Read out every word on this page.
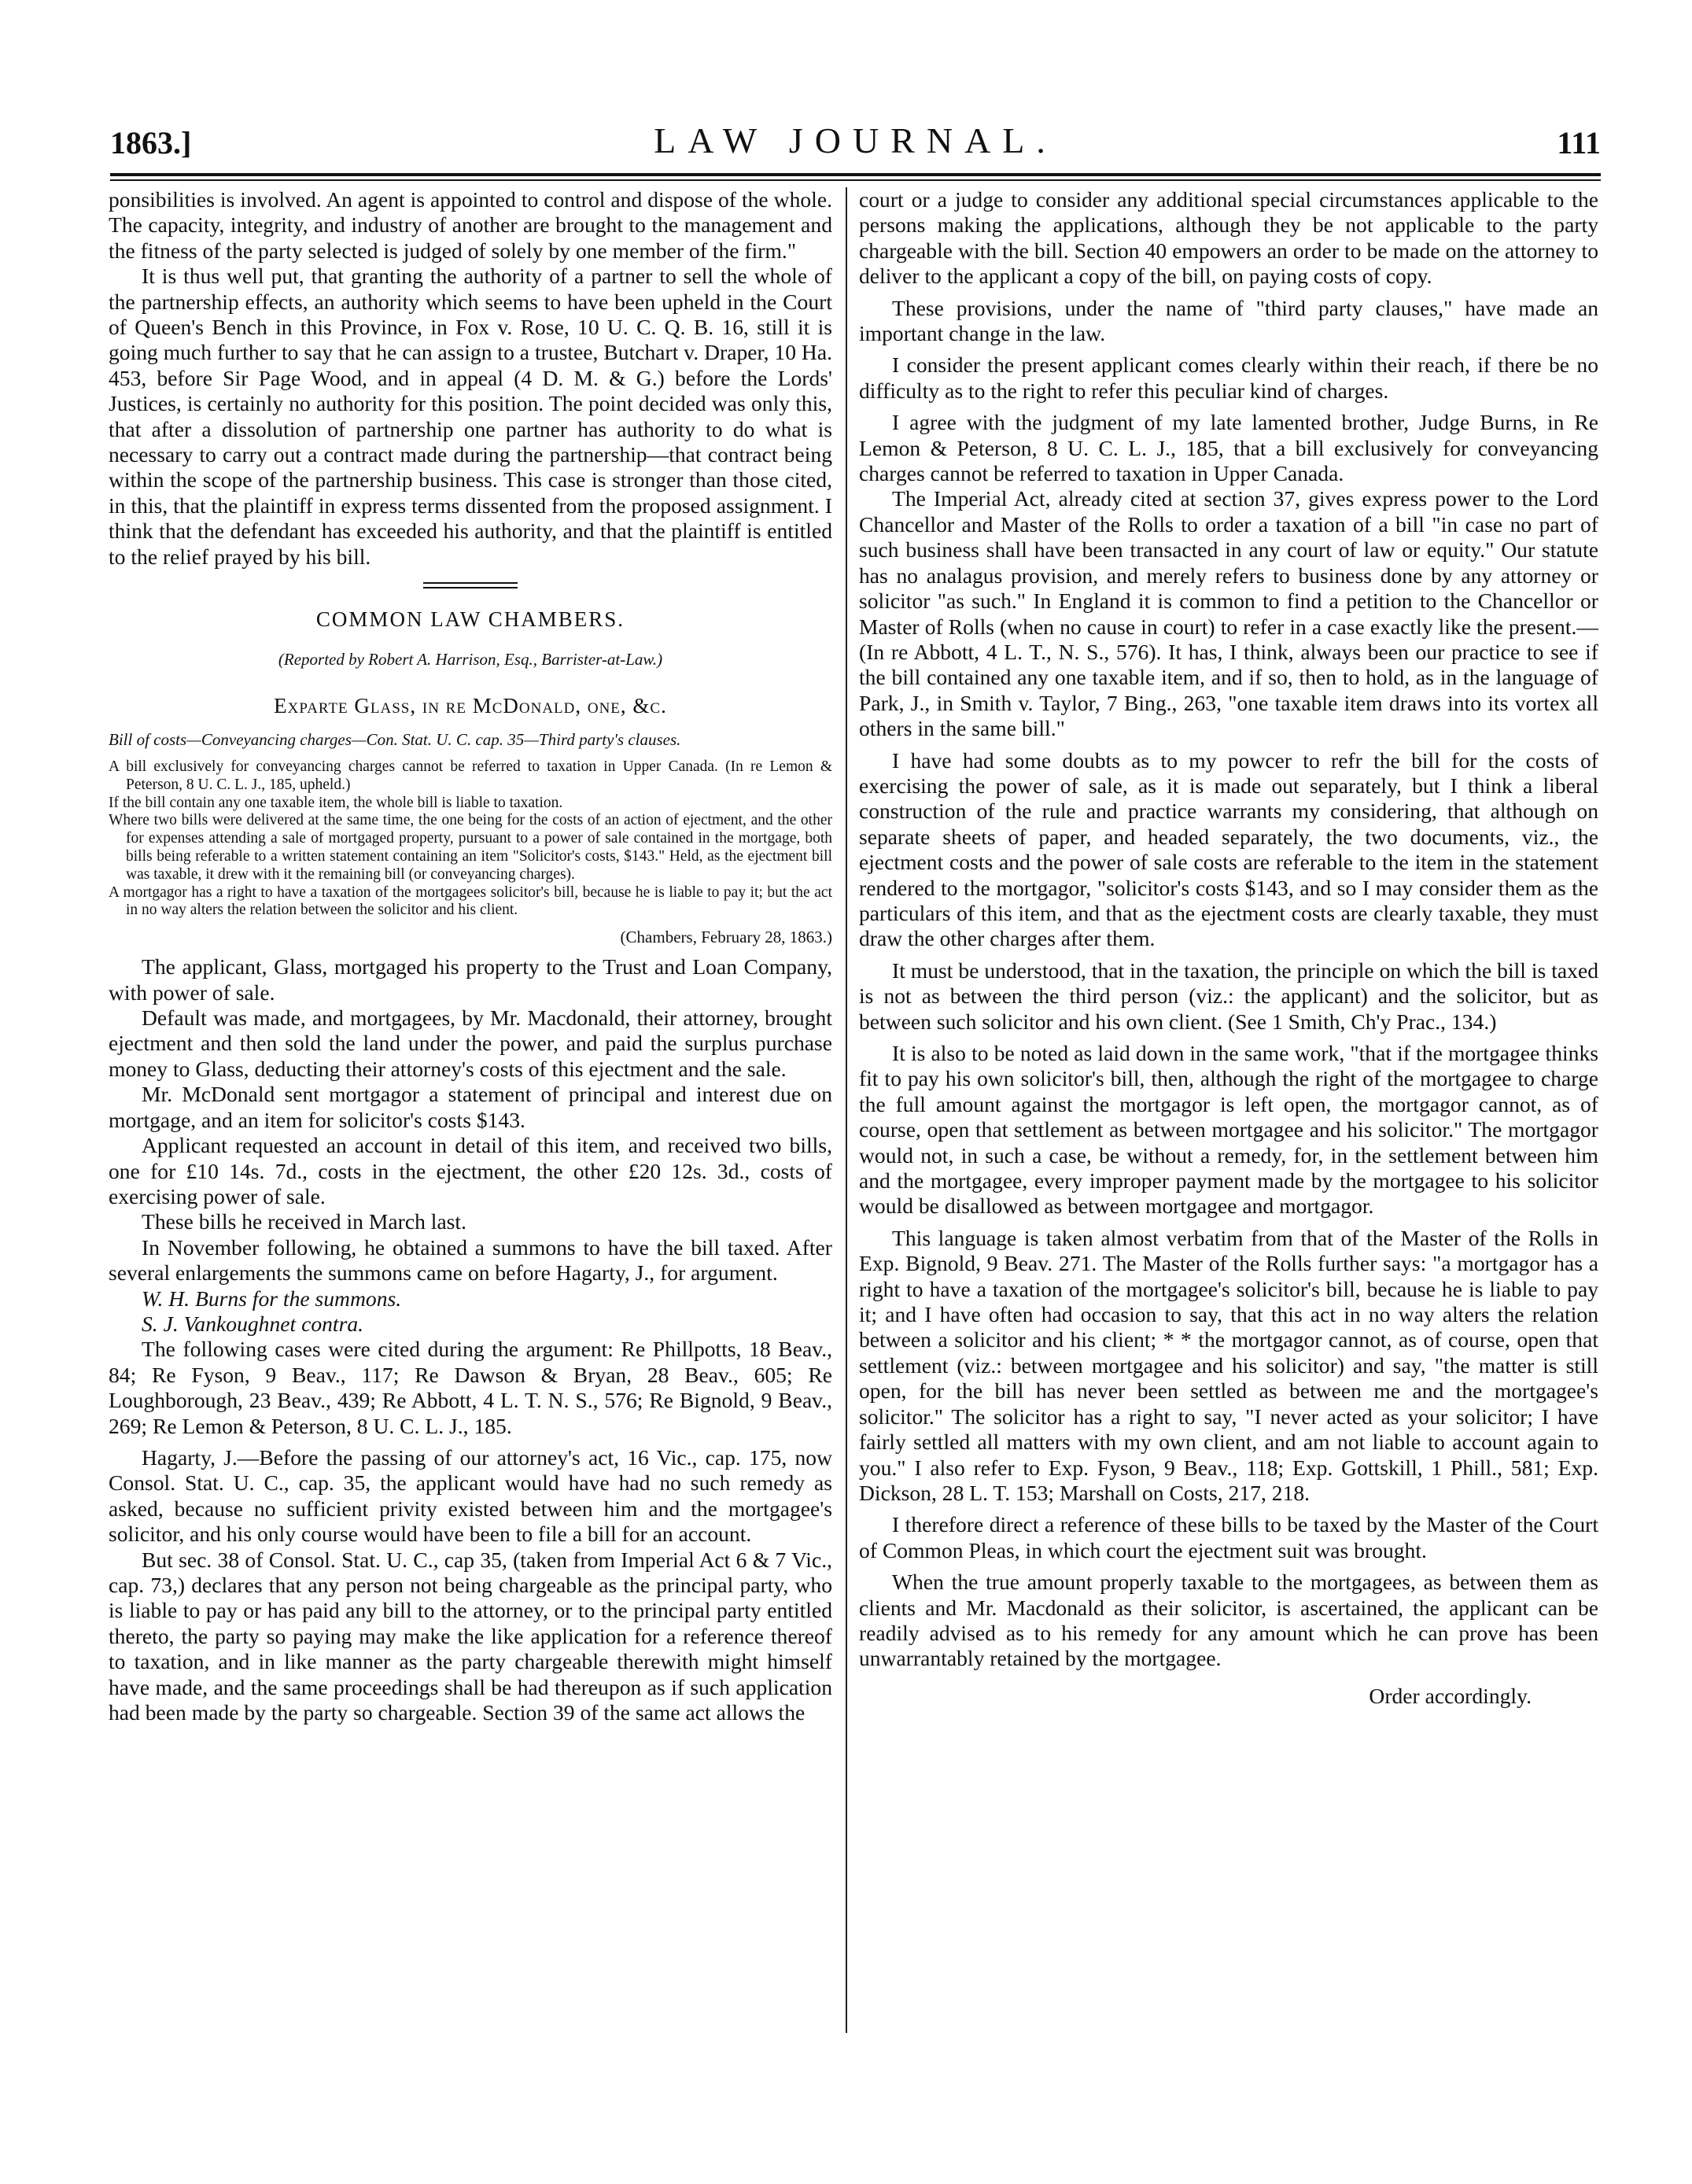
1863.]	LAW JOURNAL.	111

ponsibilities is involved. An agent is appointed to control and dispose of the whole. The capacity, integrity, and industry of another are brought to the management and the fitness of the party selected is judged of solely by one member of the firm."

It is thus well put, that granting the authority of a partner to sell the whole of the partnership effects, an authority which seems to have been upheld in the Court of Queen's Bench in this Province, in Fox v. Rose, 10 U. C. Q. B. 16, still it is going much further to say that he can assign to a trustee, Butchart v. Draper, 10 Ha. 453, before Sir Page Wood, and in appeal (4 D. M. & G.) before the Lords' Justices, is certainly no authority for this position. The point decided was only this, that after a dissolution of partnership one partner has authority to do what is necessary to carry out a contract made during the partnership—that contract being within the scope of the partnership business. This case is stronger than those cited, in this, that the plaintiff in express terms dissented from the proposed assignment. I think that the defendant has exceeded his authority, and that the plaintiff is entitled to the relief prayed by his bill.

COMMON LAW CHAMBERS.
(Reported by Robert A. Harrison, Esq., Barrister-at-Law.)
Exparte Glass, in re McDonald, one, &c.
Bill of costs—Conveyancing charges—Con. Stat. U. C. cap. 35—Third party's clauses.

A bill exclusively for conveyancing charges cannot be referred to taxation in Upper Canada. (In re Lemon & Peterson, 8 U. C. L. J., 185, upheld.)

If the bill contain any one taxable item, the whole bill is liable to taxation.

Where two bills were delivered at the same time, the one being for the costs of an action of ejectment, and the other for expenses attending a sale of mortgaged property, pursuant to a power of sale contained in the mortgage, both bills being referable to a written statement containing an item "Solicitor's costs, $143." Held, as the ejectment bill was taxable, it drew with it the remaining bill (or conveyancing charges).

A mortgagor has a right to have a taxation of the mortgagees solicitor's bill, because he is liable to pay it; but the act in no way alters the relation between the solicitor and his client.

(Chambers, February 28, 1863.)

The applicant, Glass, mortgaged his property to the Trust and Loan Company, with power of sale.

Default was made, and mortgagees, by Mr. Macdonald, their attorney, brought ejectment and then sold the land under the power, and paid the surplus purchase money to Glass, deducting their attorney's costs of this ejectment and the sale.

Mr. McDonald sent mortgagor a statement of principal and interest due on mortgage, and an item for solicitor's costs $143.

Applicant requested an account in detail of this item, and received two bills, one for £10 14s. 7d., costs in the ejectment, the other £20 12s. 3d., costs of exercising power of sale.

These bills he received in March last.

In November following, he obtained a summons to have the bill taxed. After several enlargements the summons came on before Hagarty, J., for argument.

W. H. Burns for the summons.

S. J. Vankoughnet contra.

The following cases were cited during the argument: Re Phillpotts, 18 Beav., 84; Re Fyson, 9 Beav., 117; Re Dawson & Bryan, 28 Beav., 605; Re Loughborough, 23 Beav., 439; Re Abbott, 4 L. T. N. S., 576; Re Bignold, 9 Beav., 269; Re Lemon & Peterson, 8 U. C. L. J., 185.

Hagarty, J.—Before the passing of our attorney's act, 16 Vic., cap. 175, now Consol. Stat. U. C., cap. 35, the applicant would have had no such remedy as asked, because no sufficient privity existed between him and the mortgagee's solicitor, and his only course would have been to file a bill for an account.

But sec. 38 of Consol. Stat. U. C., cap 35, (taken from Imperial Act 6 & 7 Vic., cap. 73,) declares that any person not being chargeable as the principal party, who is liable to pay or has paid any bill to the attorney, or to the principal party entitled thereto, the party so paying may make the like application for a reference thereof to taxation, and in like manner as the party chargeable therewith might himself have made, and the same proceedings shall be had thereupon as if such application had been made by the party so chargeable. Section 39 of the same act allows the

court or a judge to consider any additional special circumstances applicable to the persons making the applications, although they be not applicable to the party chargeable with the bill. Section 40 empowers an order to be made on the attorney to deliver to the applicant a copy of the bill, on paying costs of copy.

These provisions, under the name of "third party clauses," have made an important change in the law.

I consider the present applicant comes clearly within their reach, if there be no difficulty as to the right to refer this peculiar kind of charges.

I agree with the judgment of my late lamented brother, Judge Burns, in Re Lemon & Peterson, 8 U. C. L. J., 185, that a bill exclusively for conveyancing charges cannot be referred to taxation in Upper Canada.

The Imperial Act, already cited at section 37, gives express power to the Lord Chancellor and Master of the Rolls to order a taxation of a bill "in case no part of such business shall have been transacted in any court of law or equity." Our statute has no analagus provision, and merely refers to business done by any attorney or solicitor "as such." In England it is common to find a petition to the Chancellor or Master of Rolls (when no cause in court) to refer in a case exactly like the present.—(In re Abbott, 4 L. T., N. S., 576). It has, I think, always been our practice to see if the bill contained any one taxable item, and if so, then to hold, as in the language of Park, J., in Smith v. Taylor, 7 Bing., 263, "one taxable item draws into its vortex all others in the same bill."

I have had some doubts as to my powcer to refr the bill for the costs of exercising the power of sale, as it is made out separately, but I think a liberal construction of the rule and practice warrants my considering, that although on separate sheets of paper, and headed separately, the two documents, viz., the ejectment costs and the power of sale costs are referable to the item in the statement rendered to the mortgagor, "solicitor's costs $143, and so I may consider them as the particulars of this item, and that as the ejectment costs are clearly taxable, they must draw the other charges after them.

It must be understood, that in the taxation, the principle on which the bill is taxed is not as between the third person (viz.: the applicant) and the solicitor, but as between such solicitor and his own client. (See 1 Smith, Ch'y Prac., 134.)

It is also to be noted as laid down in the same work, "that if the mortgagee thinks fit to pay his own solicitor's bill, then, although the right of the mortgagee to charge the full amount against the mortgagor is left open, the mortgagor cannot, as of course, open that settlement as between mortgagee and his solicitor." The mortgagor would not, in such a case, be without a remedy, for, in the settlement between him and the mortgagee, every improper payment made by the mortgagee to his solicitor would be disallowed as between mortgagee and mortgagor.

This language is taken almost verbatim from that of the Master of the Rolls in Exp. Bignold, 9 Beav. 271. The Master of the Rolls further says: "a mortgagor has a right to have a taxation of the mortgagee's solicitor's bill, because he is liable to pay it; and I have often had occasion to say, that this act in no way alters the relation between a solicitor and his client; * * the mortgagor cannot, as of course, open that settlement (viz.: between mortgagee and his solicitor) and say, "the matter is still open, for the bill has never been settled as between me and the mortgagee's solicitor." The solicitor has a right to say, "I never acted as your solicitor; I have fairly settled all matters with my own client, and am not liable to account again to you." I also refer to Exp. Fyson, 9 Beav., 118; Exp. Gottskill, 1 Phill., 581; Exp. Dickson, 28 L. T. 153; Marshall on Costs, 217, 218.

I therefore direct a reference of these bills to be taxed by the Master of the Court of Common Pleas, in which court the ejectment suit was brought.

When the true amount properly taxable to the mortgagees, as between them as clients and Mr. Macdonald as their solicitor, is ascertained, the applicant can be readily advised as to his remedy for any amount which he can prove has been unwarrantably retained by the mortgagee.

Order accordingly.
